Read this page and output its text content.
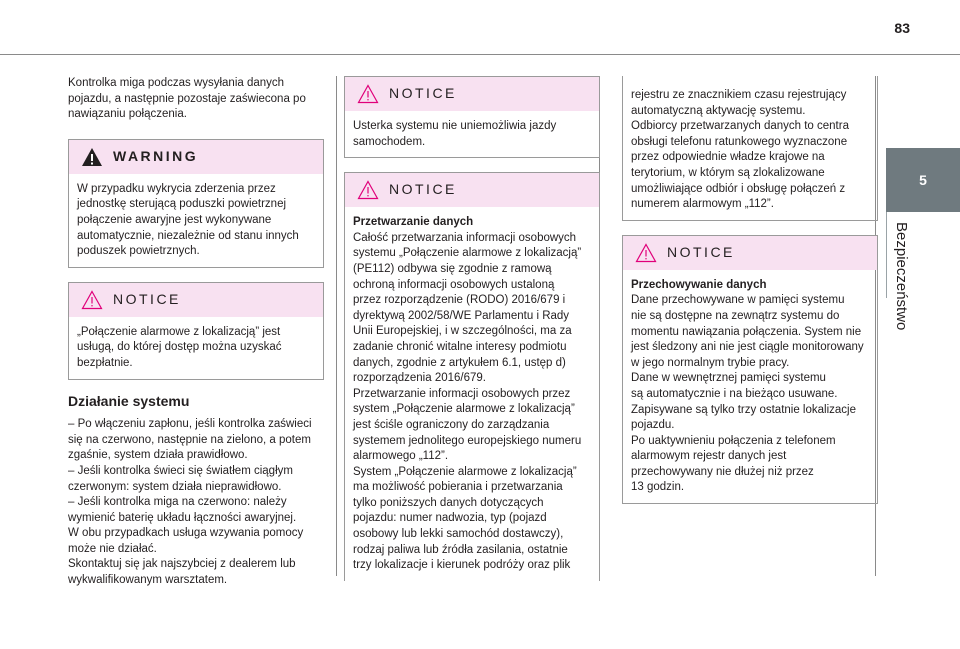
83
5
Bezpieczeństwo

Kontrolka miga podczas wysyłania danych

pojazdu, a następnie pozostaje zaświecona po

nawiązaniu połączenia.

WARNING

W przypadku wykrycia zderzenia przez

jednostkę sterującą poduszki powietrznej

połączenie awaryjne jest wykonywane

automatycznie, niezależnie od stanu innych

poduszek powietrznych.

NOTICE

„Połączenie alarmowe z lokalizacją” jest

usługą, do której dostęp można uzyskać

bezpłatnie.

Działanie systemu

– Po włączeniu zapłonu, jeśli kontrolka zaświeci

się na czerwono, następnie na zielono, a potem

zgaśnie, system działa prawidłowo.

– Jeśli kontrolka świeci się światłem ciągłym

czerwonym: system działa nieprawidłowo.

– Jeśli kontrolka miga na czerwono: należy

wymienić baterię układu łączności awaryjnej.

W obu przypadkach usługa wzywania pomocy

może nie działać.

Skontaktuj się jak najszybciej z dealerem lub

wykwalifikowanym warsztatem.

NOTICE

Usterka systemu nie uniemożliwia jazdy

samochodem.

NOTICE

Przetwarzanie danych

Całość przetwarzania informacji osobowych

systemu „Połączenie alarmowe z lokalizacją”

(PE112) odbywa się zgodnie z ramową

ochroną informacji osobowych ustaloną

przez rozporządzenie (RODO) 2016/679 i

dyrektywą 2002/58/WE Parlamentu i Rady

Unii Europejskiej, i w szczególności, ma za

zadanie chronić witalne interesy podmiotu

danych, zgodnie z artykułem 6.1, ustęp d)

rozporządzenia 2016/679.

Przetwarzanie informacji osobowych przez

system „Połączenie alarmowe z lokalizacją”

jest ściśle ograniczony do zarządzania

systemem jednolitego europejskiego numeru

alarmowego „112”.

System „Połączenie alarmowe z lokalizacją”

ma możliwość pobierania i przetwarzania

tylko poniższych danych dotyczących

pojazdu: numer nadwozia, typ (pojazd

osobowy lub lekki samochód dostawczy),

rodzaj paliwa lub źródła zasilania, ostatnie

trzy lokalizacje i kierunek podróży oraz plik

rejestru ze znacznikiem czasu rejestrujący

automatyczną aktywację systemu.

Odbiorcy przetwarzanych danych to centra

obsługi telefonu ratunkowego wyznaczone

przez odpowiednie władze krajowe na

terytorium, w którym są zlokalizowane

umożliwiające odbiór i obsługę połączeń z

numerem alarmowym „112”.

NOTICE

Przechowywanie danych

Dane przechowywane w pamięci systemu

nie są dostępne na zewnątrz systemu do

momentu nawiązania połączenia. System nie

jest śledzony ani nie jest ciągle monitorowany

w jego normalnym trybie pracy.

Dane w wewnętrznej pamięci systemu

są automatycznie i na bieżąco usuwane.

Zapisywane są tylko trzy ostatnie lokalizacje

pojazdu.

Po uaktywnieniu połączenia z telefonem

alarmowym rejestr danych jest

przechowywany nie dłużej niż przez

13 godzin.
